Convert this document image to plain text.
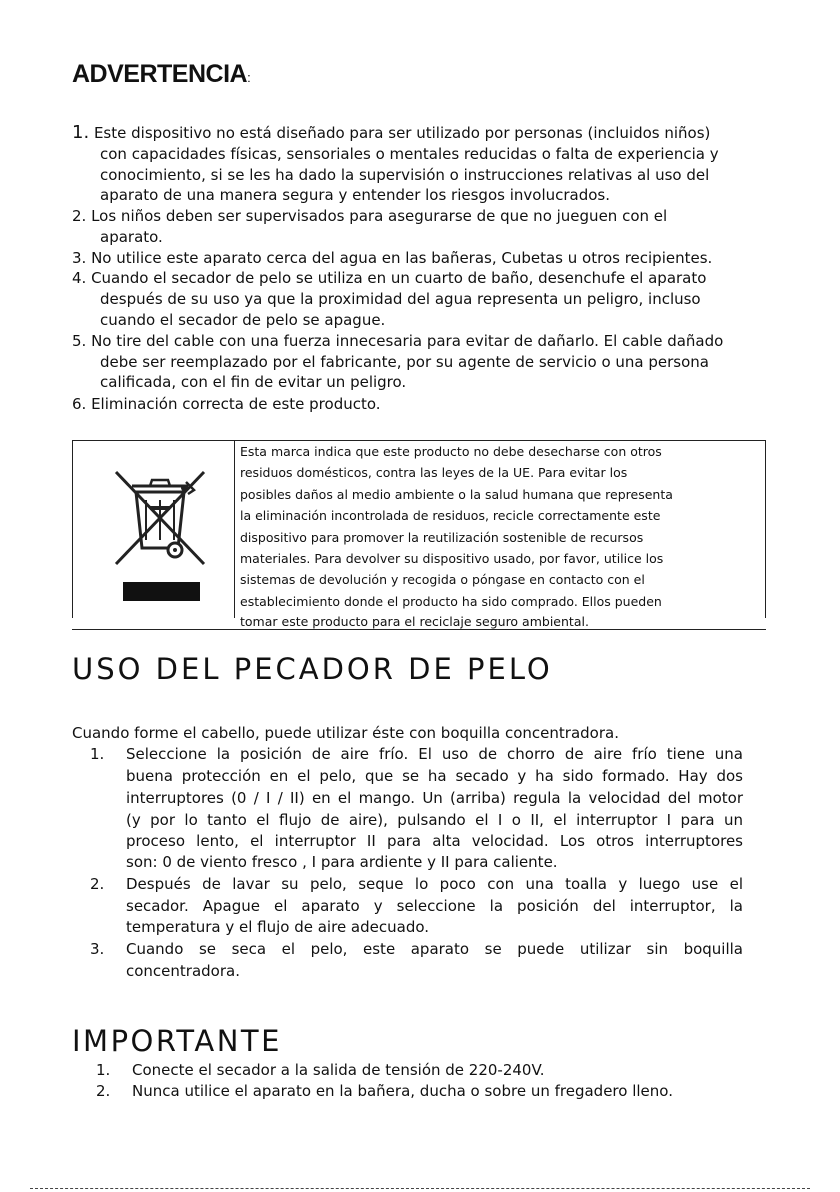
ADVERTENCIA:
1. Este dispositivo no está diseñado para ser utilizado por personas (incluidos niños)
con capacidades físicas, sensoriales o mentales reducidas o falta de experiencia y
conocimiento, si se les ha dado la supervisión o instrucciones relativas al uso del
aparato de una manera segura y entender los riesgos involucrados.
2. Los niños deben ser supervisados para asegurarse de que no jueguen con el
aparato.
3. No utilice este aparato cerca del agua en las bañeras, Cubetas u otros recipientes.
4. Cuando el secador de pelo se utiliza en un cuarto de baño, desenchufe el aparato
después de su uso ya que la proximidad del agua representa un peligro, incluso
cuando el secador de pelo se apague.
5. No tire del cable con una fuerza innecesaria para evitar de dañarlo. El cable dañado
debe ser reemplazado por el fabricante, por su agente de servicio o una persona
calificada, con el fin de evitar un peligro.
6. Eliminación correcta de este producto.
Esta marca indica que este producto no debe desecharse con otros
residuos domésticos, contra las leyes de la UE. Para evitar los
posibles daños al medio ambiente o la salud humana que representa
la eliminación incontrolada de residuos, recicle correctamente este
dispositivo para promover la reutilización sostenible de recursos
materiales. Para devolver su dispositivo usado, por favor, utilice los
sistemas de devolución y recogida o póngase en contacto con el
establecimiento donde el producto ha sido comprado. Ellos pueden
tomar este producto para el reciclaje seguro ambiental.
USO DEL PECADOR DE PELO
Cuando forme el cabello, puede utilizar éste con boquilla concentradora.
1. Seleccione la posición de aire frío. El uso de chorro de aire frío tiene una
buena protección en el pelo, que se ha secado y ha sido formado. Hay dos
interruptores (0 / I / II) en el mango. Un (arriba) regula la velocidad del motor
(y por lo tanto el flujo de aire), pulsando el I o II, el interruptor I para un
proceso lento, el interruptor II para alta velocidad. Los otros interruptores
son: 0 de viento fresco , I para ardiente y II para caliente.
2. Después de lavar su pelo, seque lo poco con una toalla y luego use el
secador. Apague el aparato y seleccione la posición del interruptor, la
temperatura y el flujo de aire adecuado.
3. Cuando se seca el pelo, este aparato se puede utilizar sin boquilla
concentradora.
IMPORTANTE
1. Conecte el secador a la salida de tensión de 220-240V.
2. Nunca utilice el aparato en la bañera, ducha o sobre un fregadero lleno.
